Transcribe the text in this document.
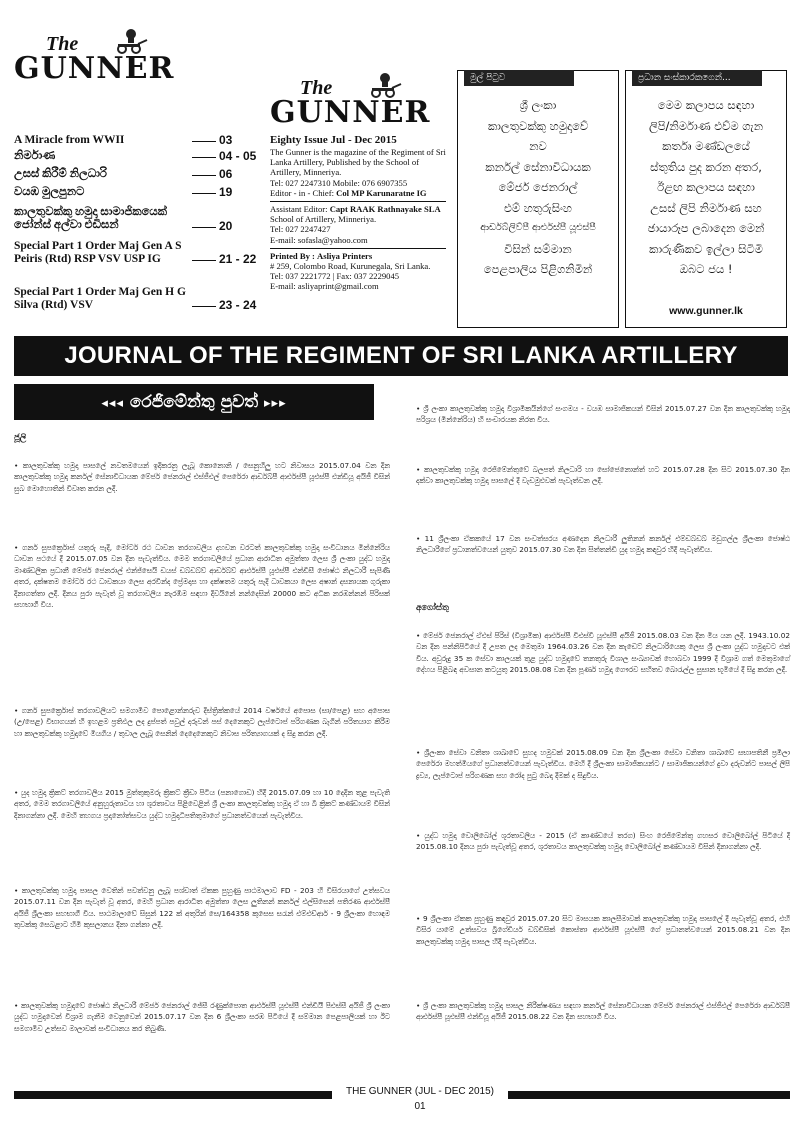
The
GUNNER
The
GUNNER
A Miracle from WWII	03
නිර්මාණ	04 - 05
උසස් කිරීම් නිලධාරි	06
වයඹ මුලපුනට	19
කාලතුවක්කු හමුදා සාමාජිකයෙක් ජෝන්ස් අල්වා එඩිසන්	20
Special Part 1 Order Maj Gen A S Peiris (Rtd) RSP VSV USP IG	21 - 22
Special Part 1 Order Maj Gen H G Silva (Rtd) VSV	23 - 24
Eighty Issue Jul - Dec 2015
The Gunner is the magazine of the Regiment of Sri Lanka Artillery, Published by the School of Artillery, Minneriya.
Tel: 027 2247310 Mobile: 076 6907355
Editor - in - Chief: Col MP Karunaratne IG
Assistant Editor: Capt RAAK Rathnayake SLA
School of Artillery, Minneriya.
Tel: 027 2247427
E-mail: sofasla@yahoo.com
Printed By : Asliya Printers
# 259, Colombo Road, Kurunegala, Sri Lanka.
Tel: 037 2221772 | Fax: 037 2229045
E-mail: asliyaprint@gmail.com
මුල් පිටුව
ශ්‍රී ලංකා
කාලතුවක්කු හමුදාවේ
නව
කර්නල් සේනාවිධායක
මේජර් ජෙනරාල්
එම් හතුරුසිංහ
ආර්ඩබ්ලිව්පී ආර්එස්පී යූඑස්පී
විසින් සම්මාන
පෙළපාලිය පිළිගනිමින්
ප්‍රධාන සංස්කාරකගෙන්...
මෙම කලාපය සඳහා
ලිපි/නිර්මාණ එව්ම ගැන
කර්තෘ මණ්ඩලයේ
ස්තුතිය පුද කරන අතර,
ඊළඟ කලාපය සඳහා
උසස් ලිපි නිර්මාණ සහ
ඡායාරූප ලබාදෙන මෙන්
කාරුණිකව ඉල්ලා සිටිමි
ඔබට ජය !
www.gunner.lk
JOURNAL OF THE REGIMENT OF SRI LANKA ARTILLERY
◂◂◂ රෙජිමේන්තු පුවත් ▸▸▸
ජූලි
• කාලතුවක්කු හමුදා පාසලේ නවතමයෙන් ඉදිකරනු ලැබූ කොනොනි / සෙනුහිලු හට නිවාසය 2015.07.04 වන දින කාලතුවක්කු හමුදා කර්නල් සේනාවිධායක මේජර් ජෙනරාල් එස්ජීඑල් පෙරේරා ආර්ඩබ්පී ආර්එස්පී යූඑස්පී එන්ඩීයූ අයිජී විසින් සුබ මොහොතින් විවෘත කරන ලදී.
• ගනර් සුපර්ක්‍රොස් යතුරු පැදි, මෝටර් රථ ධාවන තරගාවලිය දහවන වරටත් කාලතුවක්කු හමුදා සංවිධානය මින්නේරිය ධාවන පථයේ දී 2015.07.05 වන දින පැවැත්විය. මෙම තරගාවලියේ ප්‍රධාන ආරාධිත අමුත්තා ලෙස ශ්‍රී ලංකා යුද්ධ හමුදා මාණ්ඩලික ප්‍රධානී මේජර් ජෙනරාල් එන්ජ්සෙයි ඩයස් ඩබ්ඩබ්ව් ආර්ඩබ්ව් ආර්එස්පී යූඑස්පී එන්ඩීසී ජොෂ්ඨ නිලධාරී සැපිණි අතර, දක්ෂතම මෝටර් රථ ධාවකයා ලෙස අරවින්ද ප්‍රේමදාස හා දක්ෂතම යතුරු පැදි ධාවකයා ලෙස අෂාන් දසනායක ගුරුකා දිනාගත්තා ලදී. දිනය පුරා පැවැත් වූ තරගාවලිය නැරඹීම සඳහා දිවයිනේ නන්දෙසින් 20000 කට අධික නරඹන්නන් පිරිසක් සහභාගී විය.
• ගනර් සුපර්ක්‍රොස් තරගාවලියට සමගාමීව පොළොන්නරුව දිස්ත්‍රික්කයේ 2014 වර්ෂයේ අපොස (සා/පෙළ) සහ අපොස (උ/පෙළ) විභාගයන් හි ඉහළම ප්‍රතිඵල ලද දුප්පත් පවුල් දරුවන් පස් දෙනෙකුට ලැප්ටොප් පරිගණක බැගින් පරිතයාග කිරීම හා කාලතුවක්කු හමුදාවේ මියගිය / තුවාල ලැබූ සෙනින් දෙදෙනෙකුට නිවාස පරිත්‍යාගයක් ද සිදු කරන ලදී.
• යුද හමුදා ක්‍රිකට් තරගාවලිය 2015 මුත්තුකුමරු ක්‍රිකට් ක්‍රීඩා පිටිය (පනාගොඩ) හිදී 2015.07.09 හා 10 දෙදින තුළ පැවැති අතර, මෙම තරගාවලියේ අනුහුරුතාවය හා ශූරතාවය පිළිවෙළින් ශ්‍රී ලංකා කාලතුවක්කු හමුදා ඒ හා බී ක්‍රිකට් කණ්ඩායම් විසින් දිනාගන්නා ලදී. මෙහි තහගය ප්‍රදානෝත්සවය යුද්ධ හමුදාධිපතිතුමාගේ ප්‍රධානත්වයෙන් පැවැත්විය.
• කාලතුවක්කු හමුදා පාසල වෙතින් පවත්වනු ලැබූ පශ්චාත් ඒකක පුහුණු පාඨමාලාව FD - 203 හි විසිරයාගේ උත්සවය 2015.07.11 වන දින පැවැත් වූ අතර, මෙහි ප්‍රධාන ආරාධිත අමුත්තා ලෙස ලුතිනන් කර්නල් එල්සිසෙන් පතිරණ ආර්එස්පී අයිජී ශ්‍රීලංකා සහභාගී විය. පාඨමාලාවේ සිසුන් 122 ක් අතුරින් සෙ/164358 කුසෙස සරැන් එම්එච්ආර් - 9 ශ්‍රීලංකා හොඳම තුවක්කු සෙබළාට හිමි කුසලානය දිනා ගන්නා ලදී.
• කාලතුවක්කු හමුදාවේ ජොෂ්ඨ නිලධාරී මේජර් ජෙනරාල් ජේසී රණුක්පොත ආර්එස්පී යූඑස්පී එන්ඩීයී පිඑස්සී අයිජී ශ්‍රී ලංකා යුද්ධ හමුදාවෙන් විශ්‍රාම ගැනීම වෙනුවෙන් 2015.07.17 වන දින 6 ශ්‍රීලංකා සරඹ පිටියේ දී සම්මාන පෙළපාලියක් හා ඊට සමගාමීව උත්සව මාලාවක් සංවිධානය කර තිබුණි.
• ශ්‍රී ලංකා කාලතුවක්කු හමුදා විශ්‍රාමිකයින්ගේ සංගමය - වයඹ සාමාජිකයන් විසින් 2015.07.27 වන දින කාලතුවක්කු හමුදා පරිශ්‍රය (මින්නේරිය) හි සංචාරයක නිරත විය.
• කාලතුවක්කු හමුදා රෙජිමේන්තුවේ බලපත් නිලධාරි හා සෝජෙනොන්ත් හට 2015.07.28 දින සිට 2015.07.30 දින දක්වා කාලතුවක්කු හමුදා පාසලේ දී වැඩමුළුවක් පැවැත්වන ලදී.
• 11 ශ්‍රීලංකා ඒකකයේ 17 වන සංවත්සරය අණදෙන නිලධාරී ලුතිනන් කර්නල් එම්ඩබ්ඩබ් මඩුගල්ල ශ්‍රීලංකා ජොෂ්ඨ නිලධාරීගේ ප්‍රධානත්වයෙන් යුතුව 2015.07.30 වන දින සිත්තන්ඩි යුද හමුදා කඳවුර හිදී පැවැත්විය.
අගෝස්තු
• මේජර් ජෙනරාල් ඒඑස් පිරිස් (විශ්‍රාමික) ආර්එස්පී විඑස්වී යූඑස්පී අයිජී 2015.08.03 වන දින මිය යන ලදී. 1943.10.02 වන දින පන්නිපිටියේ දී උපත ලද මෙතුමා 1964.03.26 වන දින කැඩෙට් නිලධාරියෙකු ලෙස ශ්‍රී ලංකා යුද්ධ හමුදාවට එක් විය. අවුරුදු 35 ක සේවා කාලයක් තුළ යුද්ධ හමුදාවේ තනතුරු විශාල සංඛ්‍යාවක් හොබවා 1999 දී විශ්‍රාම ගත් මෙතුමාගේ දේහය පිළිබඳ අවසාන කටයුතු 2015.08.08 වන දින පූර්ණ හමුදා ගෞරව සහිතව බොරැල්ල සුසාන භූමියේ දී සිදු කරන ලදී.
• ශ්‍රීලංකා සේවා වනිතා ශාඛාවේ සුහද හමුවක් 2015.08.09 වන දින ශ්‍රීලංකා සේවා වනිතා ශාඛාවේ සභාපතිනී ප්‍රමිලා පෙරේරා මහත්මියගේ ප්‍රධානත්වයෙන් පැවැත්විය. මෙහි දී ශ්‍රීලංකා සාමාජිකයන්ට / සාමාජිකයන්ගේ දුවා දරුවන්ට පාසල් ලිපි ද්‍රව්‍ය, ලැප්ටොප් පරිගණක සහ රෝද පුටු බෙදා දීමක් ද සිදුවිය.
• යුද්ධ හමුදා වොලිබෝල් ශූරතාවලිය - 2015 (ඒ කාණ්ඩයේ තරග) සිංහ රෙජිමේන්තු ගහසර වොලිබෝල් පිටියේ දී 2015.08.10 දිනය පුරා පැවැත්වූ අතර, ශූරතාවය කාලතුවක්කු හමුදා වොලිබෝල් කණ්ඩායම විසින් දිනාගන්නා ලදී.
• 9 ශ්‍රීලංකා ඒකක පුහුණු කඳවුර 2015.07.20 සිට මාසයක කාලසීමාවක් කාලතුවක්කු හමුදා පාසලේ දී පැවැත්වූ අතර, එහි විසිර යාමේ උත්සවය බ්‍රිගේඩියර් ඩබ්ඩිසික් කොස්තා ආර්එස්පී යූඑස්පී ගේ ප්‍රධානත්වයෙන් 2015.08.21 වන දින කාලතුවක්කු හමුදා පාසල හිදී පැවැත්විය.
• ශ්‍රී ලංකා කාලතුවක්කු හමුදා පාසල නිරීක්ෂණය සඳහා කර්නල් සේනාවිධායක මේජර් ජෙනරාල් එස්ජීඑල් පෙරේරා ආර්ඩබ්පී ආර්එස්පී යූඑස්පී එන්ඩීයූ අයිජී 2015.08.22 වන දින සහභාගී විය.
THE GUNNER (JUL - DEC 2015)
01
